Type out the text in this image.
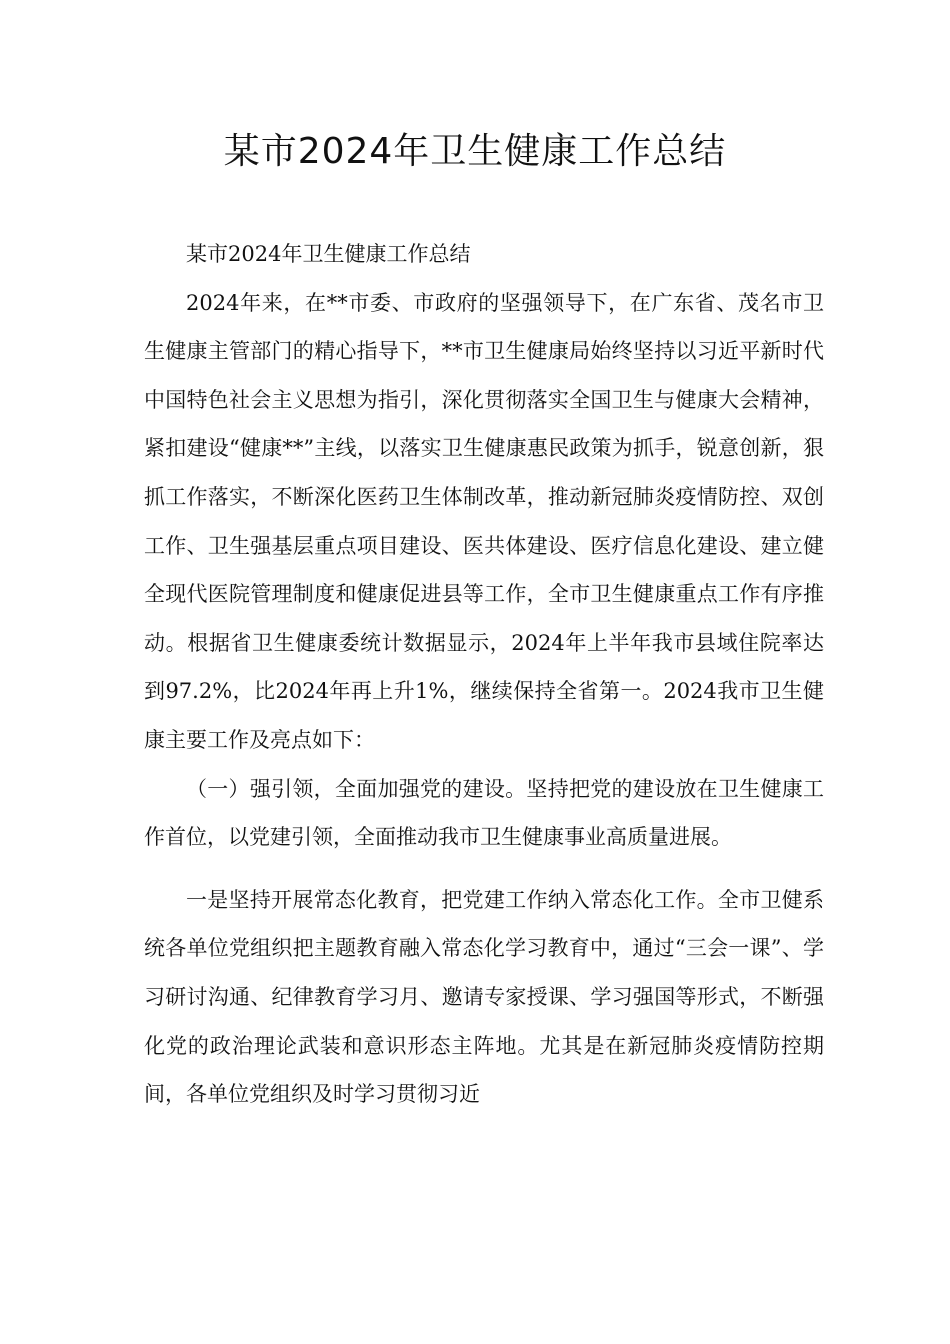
某市2024年卫生健康工作总结

某市2024年卫生健康工作总结

2024年来，在**市委、市政府的坚强领导下，在广东省、茂名市卫生健康主管部门的精心指导下，**市卫生健康局始终坚持以习近平新时代中国特色社会主义思想为指引，深化贯彻落实全国卫生与健康大会精神，紧扣建设“健康**”主线，以落实卫生健康惠民政策为抓手，锐意创新，狠抓工作落实，不断深化医药卫生体制改革，推动新冠肺炎疫情防控、双创工作、卫生强基层重点项目建设、医共体建设、医疗信息化建设、建立健全现代医院管理制度和健康促进县等工作，全市卫生健康重点工作有序推动。根据省卫生健康委统计数据显示，2024年上半年我市县域住院率达到97.2%，比2024年再上升1%，继续保持全省第一。2024我市卫生健康主要工作及亮点如下：

（一）强引领，全面加强党的建设。坚持把党的建设放在卫生健康工作首位，以党建引领，全面推动我市卫生健康事业高质量进展。

一是坚持开展常态化教育，把党建工作纳入常态化工作。全市卫健系统各单位党组织把主题教育融入常态化学习教育中，通过“三会一课”、学习研讨沟通、纪律教育学习月、邀请专家授课、学习强国等形式，不断强化党的政治理论武装和意识形态主阵地。尤其是在新冠肺炎疫情防控期间，各单位党组织及时学习贯彻习近
